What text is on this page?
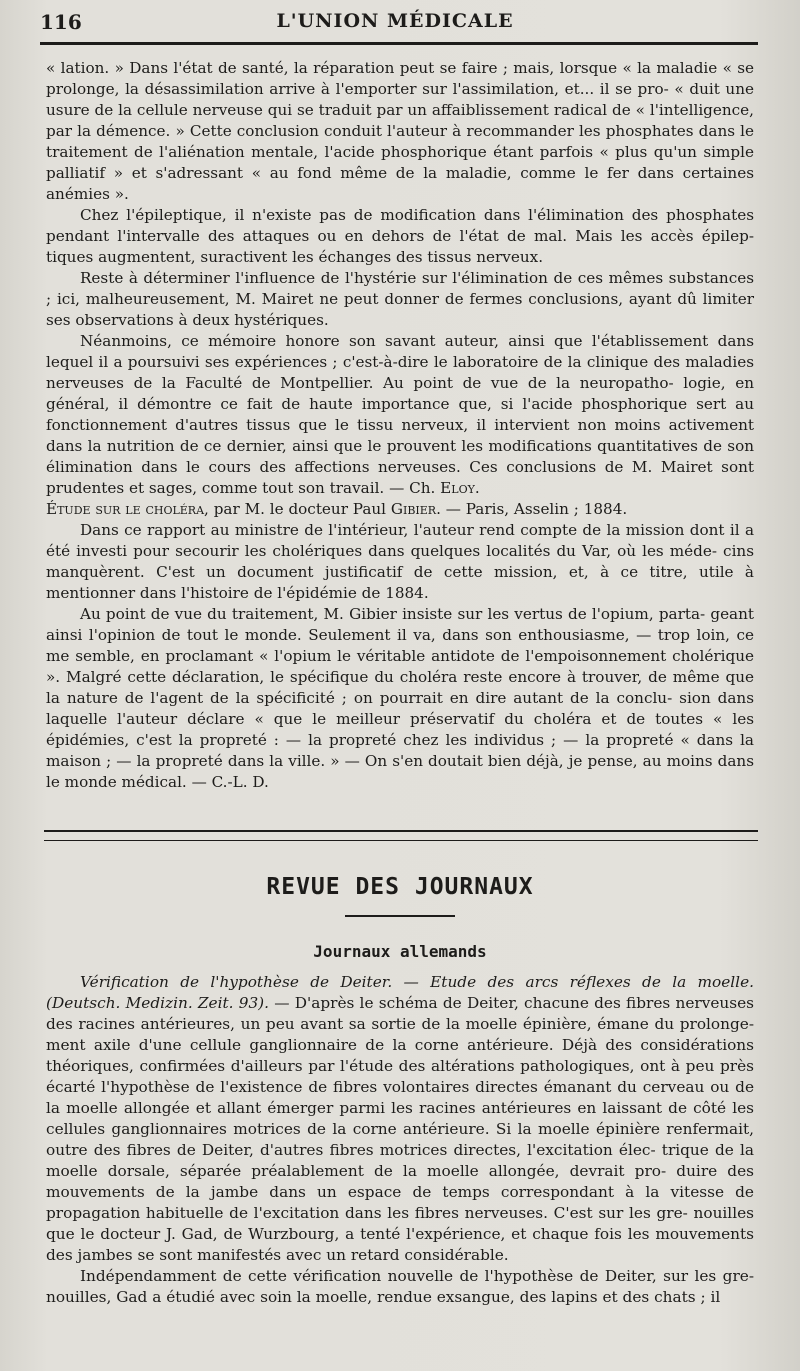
116	L'UNION MÉDICALE

« lation. » Dans l'état de santé, la réparation peut se faire ; mais, lorsque « la maladie « se prolonge, la désassimilation arrive à l'emporter sur l'assimilation, et... il se pro- « duit une usure de la cellule nerveuse qui se traduit par un affaiblissement radical de « l'intelligence, par la démence. » Cette conclusion conduit l'auteur à recommander les phosphates dans le traitement de l'aliénation mentale, l'acide phosphorique étant parfois « plus qu'un simple palliatif » et s'adressant « au fond même de la maladie, comme le fer dans certaines anémies ».

Chez l'épileptique, il n'existe pas de modification dans l'élimination des phosphates pendant l'intervalle des attaques ou en dehors de l'état de mal. Mais les accès épilep- tiques augmentent, suractivent les échanges des tissus nerveux.

Reste à déterminer l'influence de l'hystérie sur l'élimination de ces mêmes substances ; ici, malheureusement, M. Mairet ne peut donner de fermes conclusions, ayant dû limiter ses observations à deux hystériques.

Néanmoins, ce mémoire honore son savant auteur, ainsi que l'établissement dans lequel il a poursuivi ses expériences ; c'est-à-dire le laboratoire de la clinique des maladies nerveuses de la Faculté de Montpellier. Au point de vue de la neuropatho- logie, en général, il démontre ce fait de haute importance que, si l'acide phosphorique sert au fonctionnement d'autres tissus que le tissu nerveux, il intervient non moins activement dans la nutrition de ce dernier, ainsi que le prouvent les modifications quantitatives de son élimination dans le cours des affections nerveuses. Ces conclusions de M. Mairet sont prudentes et sages, comme tout son travail. — Ch. Eloy.

Étude sur le choléra, par M. le docteur Paul Gibier. — Paris, Asselin ; 1884.

Dans ce rapport au ministre de l'intérieur, l'auteur rend compte de la mission dont il a été investi pour secourir les cholériques dans quelques localités du Var, où les méde- cins manquèrent. C'est un document justificatif de cette mission, et, à ce titre, utile à mentionner dans l'histoire de l'épidémie de 1884.

Au point de vue du traitement, M. Gibier insiste sur les vertus de l'opium, parta- geant ainsi l'opinion de tout le monde. Seulement il va, dans son enthousiasme, — trop loin, ce me semble, en proclamant « l'opium le véritable antidote de l'empoisonnement cholérique ». Malgré cette déclaration, le spécifique du choléra reste encore à trouver, de même que la nature de l'agent de la spécificité ; on pourrait en dire autant de la conclu- sion dans laquelle l'auteur déclare « que le meilleur préservatif du choléra et de toutes « les épidémies, c'est la propreté : — la propreté chez les individus ; — la propreté « dans la maison ; — la propreté dans la ville. » — On s'en doutait bien déjà, je pense, au moins dans le monde médical. — C.-L. D.

REVUE DES JOURNAUX
Journaux allemands

Vérification de l'hypothèse de Deiter. — Etude des arcs réflexes de la moelle. (Deutsch. Medizin. Zeit. 93). — D'après le schéma de Deiter, chacune des fibres nerveuses des racines antérieures, un peu avant sa sortie de la moelle épinière, émane du prolonge- ment axile d'une cellule ganglionnaire de la corne antérieure. Déjà des considérations théoriques, confirmées d'ailleurs par l'étude des altérations pathologiques, ont à peu près écarté l'hypothèse de l'existence de fibres volontaires directes émanant du cerveau ou de la moelle allongée et allant émerger parmi les racines antérieures en laissant de côté les cellules ganglionnaires motrices de la corne antérieure. Si la moelle épinière renfermait, outre des fibres de Deiter, d'autres fibres motrices directes, l'excitation élec- trique de la moelle dorsale, séparée préalablement de la moelle allongée, devrait pro- duire des mouvements de la jambe dans un espace de temps correspondant à la vitesse de propagation habituelle de l'excitation dans les fibres nerveuses. C'est sur les gre- nouilles que le docteur J. Gad, de Wurzbourg, a tenté l'expérience, et chaque fois les mouvements des jambes se sont manifestés avec un retard considérable.

Indépendamment de cette vérification nouvelle de l'hypothèse de Deiter, sur les gre- nouilles, Gad a étudié avec soin la moelle, rendue exsangue, des lapins et des chats ; il
